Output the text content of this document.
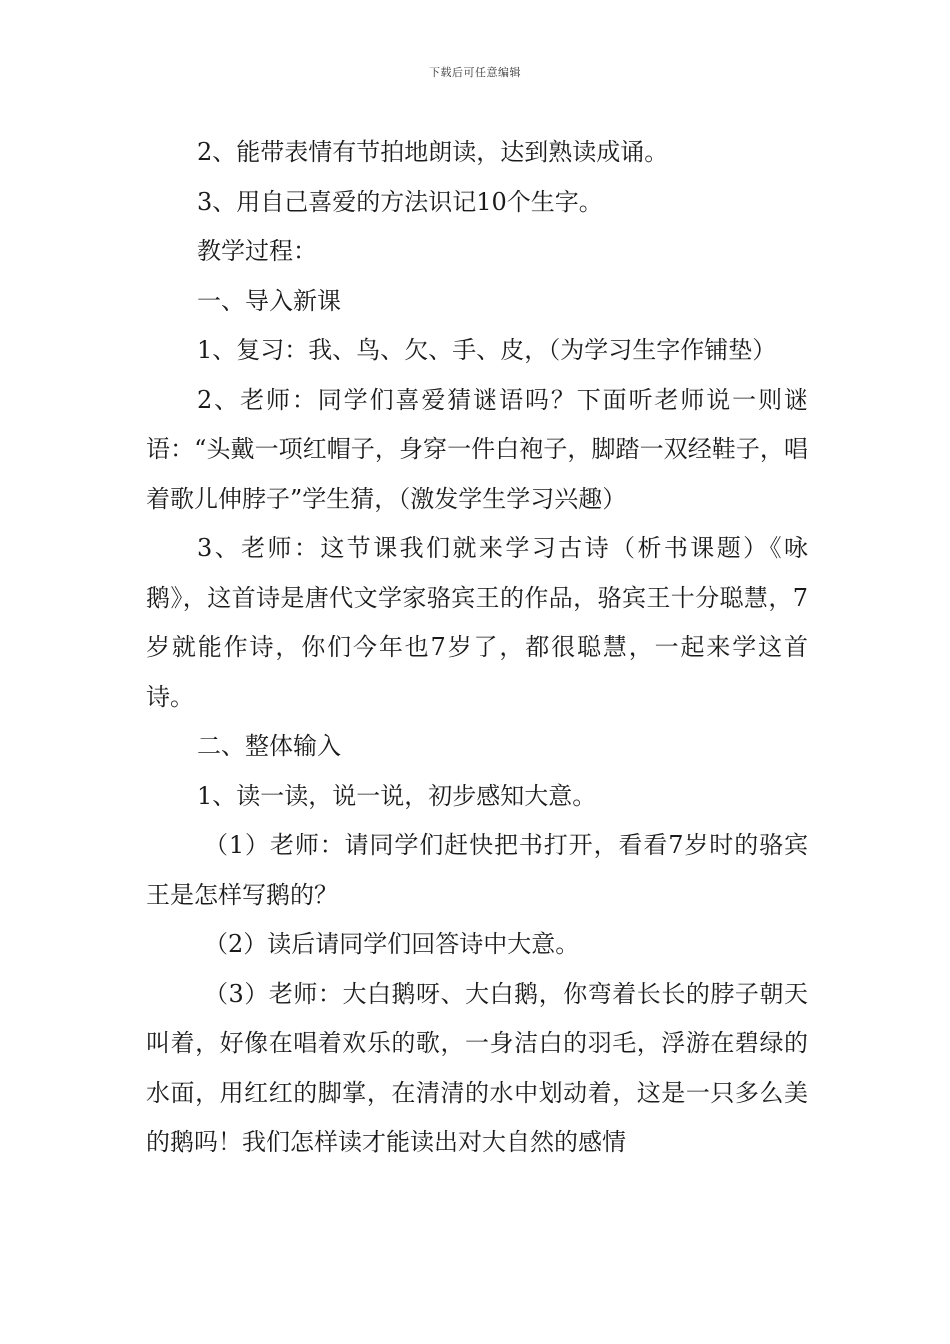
下载后可任意编辑

2、能带表情有节拍地朗读，达到熟读成诵。

3、用自己喜爱的方法识记10个生字。

教学过程：

一、导入新课

1、复习：我、鸟、欠、手、皮，（为学习生字作铺垫）

2、老师：同学们喜爱猜谜语吗？下面听老师说一则谜语：“头戴一项红帽子，身穿一件白袍子，脚踏一双经鞋子，唱着歌儿伸脖子”学生猜，（激发学生学习兴趣）

3、老师：这节课我们就来学习古诗（析书课题）《咏鹅》，这首诗是唐代文学家骆宾王的作品，骆宾王十分聪慧，7岁就能作诗，你们今年也7岁了，都很聪慧，一起来学这首诗。

二、整体输入

1、读一读，说一说，初步感知大意。

（1）老师：请同学们赶快把书打开，看看7岁时的骆宾王是怎样写鹅的？

（2）读后请同学们回答诗中大意。

（3）老师：大白鹅呀、大白鹅，你弯着长长的脖子朝天叫着，好像在唱着欢乐的歌，一身洁白的羽毛，浮游在碧绿的水面，用红红的脚掌，在清清的水中划动着，这是一只多么美的鹅吗！我们怎样读才能读出对大自然的感情
